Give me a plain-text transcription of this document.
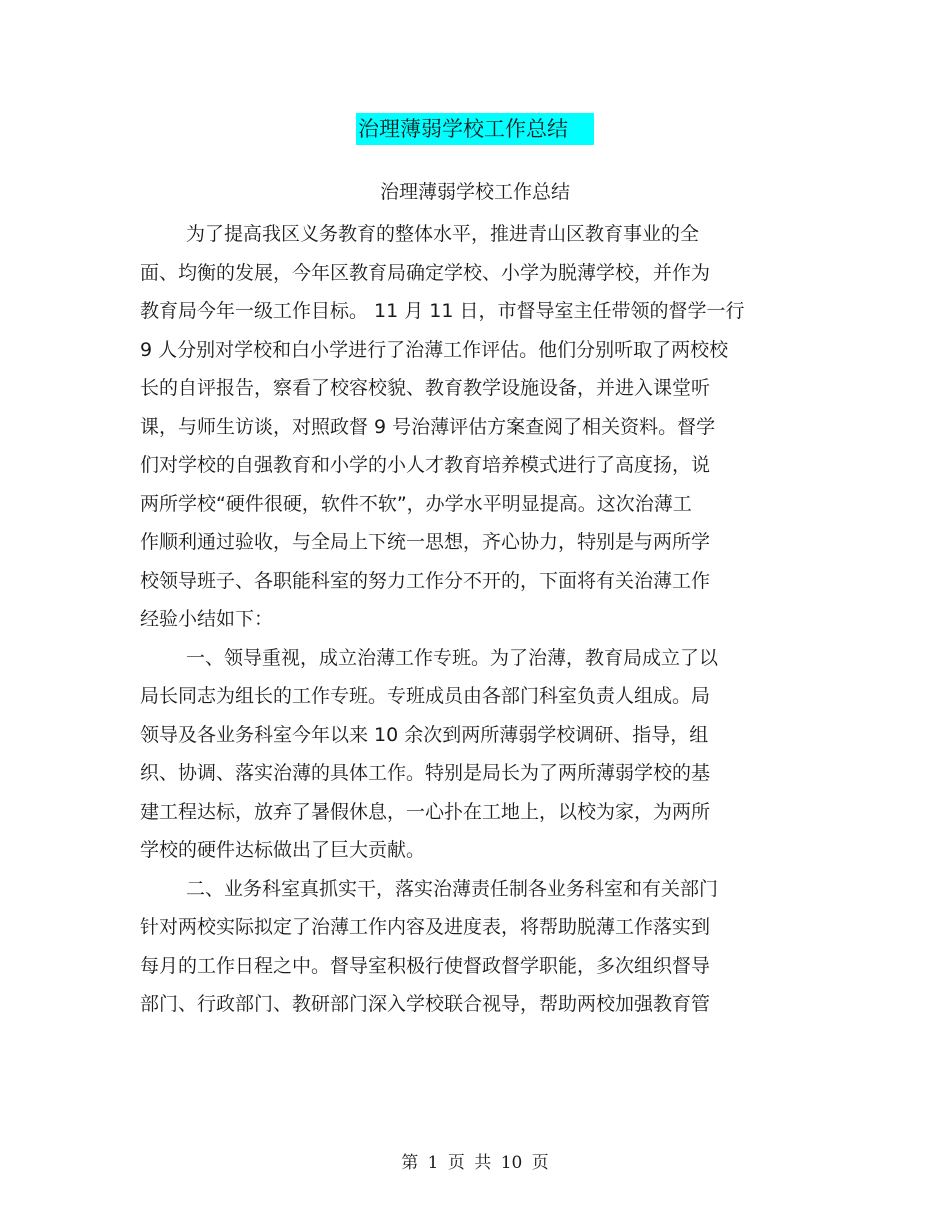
治理薄弱学校工作总结
治理薄弱学校工作总结
为了提高我区义务教育的整体水平，推进青山区教育事业的全
面、均衡的发展，今年区教育局确定学校、小学为脱薄学校，并作为
教育局今年一级工作目标。 11 月 11 日，市督导室主任带领的督学一行
9 人分别对学校和白小学进行了治薄工作评估。他们分别听取了两校校
长的自评报告，察看了校容校貌、教育教学设施设备，并进入课堂听
课，与师生访谈，对照政督 9 号治薄评估方案查阅了相关资料。督学
们对学校的自强教育和小学的小人才教育培养模式进行了高度扬，说
两所学校“硬件很硬，软件不软”，办学水平明显提高。这次治薄工
作顺利通过验收，与全局上下统一思想，齐心协力，特别是与两所学
校领导班子、各职能科室的努力工作分不开的，下面将有关治薄工作
经验小结如下：
一、领导重视，成立治薄工作专班。为了治薄，教育局成立了以
局长同志为组长的工作专班。专班成员由各部门科室负责人组成。局
领导及各业务科室今年以来 10 余次到两所薄弱学校调研、指导，组
织、协调、落实治薄的具体工作。特别是局长为了两所薄弱学校的基
建工程达标，放弃了暑假休息，一心扑在工地上，以校为家，为两所
学校的硬件达标做出了巨大贡献。
二、业务科室真抓实干，落实治薄责任制各业务科室和有关部门
针对两校实际拟定了治薄工作内容及进度表，将帮助脱薄工作落实到
每月的工作日程之中。督导室积极行使督政督学职能，多次组织督导
部门、行政部门、教研部门深入学校联合视导，帮助两校加强教育管
第 1 页 共 10 页
